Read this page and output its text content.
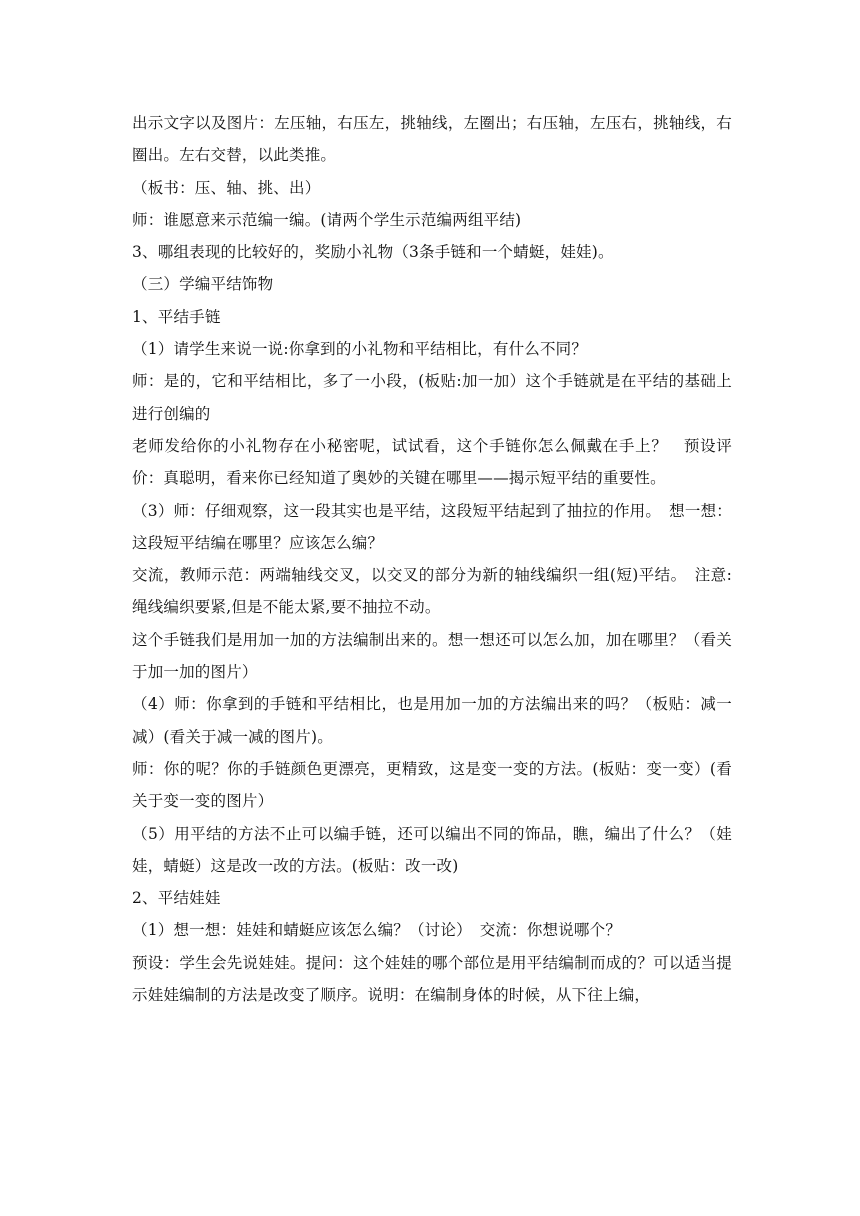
出示文字以及图片：左压轴，右压左，挑轴线，左圈出；右压轴，左压右，挑轴线，右圈出。左右交替，以此类推。

（板书：压、轴、挑、出）

师：谁愿意来示范编一编。(请两个学生示范编两组平结)

3、哪组表现的比较好的，奖励小礼物（3条手链和一个蜻蜓，娃娃)。

（三）学编平结饰物

1、平结手链

（1）请学生来说一说:你拿到的小礼物和平结相比，有什么不同？

师：是的，它和平结相比，多了一小段，(板贴:加一加）这个手链就是在平结的基础上进行创编的

老师发给你的小礼物存在小秘密呢，试试看，这个手链你怎么佩戴在手上？　预设评价：真聪明，看来你已经知道了奥妙的关键在哪里——揭示短平结的重要性。

（3）师：仔细观察，这一段其实也是平结，这段短平结起到了抽拉的作用。　想一想：这段短平结编在哪里？应该怎么编？

交流，教师示范：两端轴线交叉，以交叉的部分为新的轴线编织一组(短)平结。　注意:绳线编织要紧,但是不能太紧,要不抽拉不动。

这个手链我们是用加一加的方法编制出来的。想一想还可以怎么加，加在哪里？（看关于加一加的图片）

（4）师：你拿到的手链和平结相比，也是用加一加的方法编出来的吗？（板贴：减一减）(看关于减一减的图片)。

师：你的呢？你的手链颜色更漂亮，更精致，这是变一变的方法。(板贴：变一变）(看关于变一变的图片）

（5）用平结的方法不止可以编手链，还可以编出不同的饰品，瞧，编出了什么？（娃娃，蜻蜓）这是改一改的方法。(板贴：改一改)

2、平结娃娃

（1）想一想：娃娃和蜻蜓应该怎么编？（讨论）　交流：你想说哪个？

预设：学生会先说娃娃。提问：这个娃娃的哪个部位是用平结编制而成的？可以适当提示娃娃编制的方法是改变了顺序。说明：在编制身体的时候，从下往上编，
